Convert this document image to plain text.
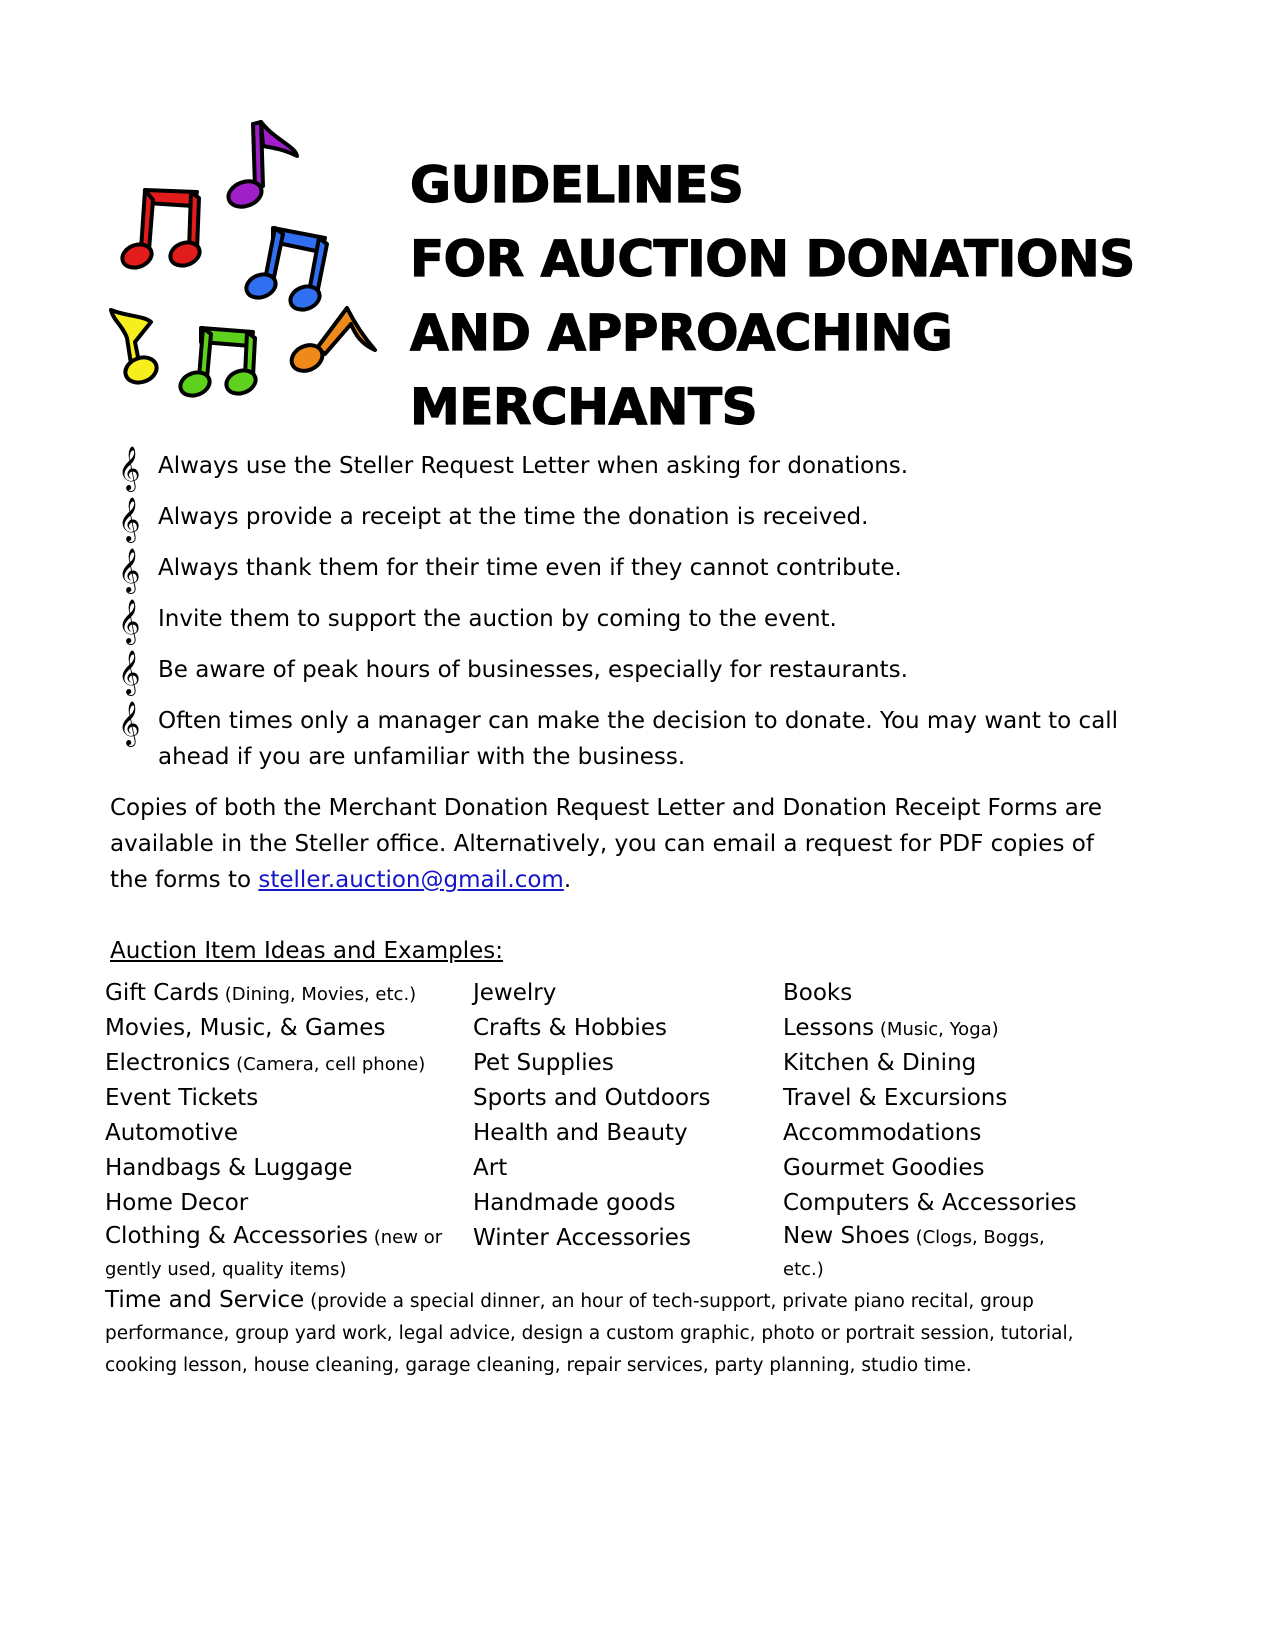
GUIDELINES
FOR AUCTION DONATIONS
AND APPROACHING
MERCHANTS
𝄞 Always use the Steller Request Letter when asking for donations.
𝄞 Always provide a receipt at the time the donation is received.
𝄞 Always thank them for their time even if they cannot contribute.
𝄞 Invite them to support the auction by coming to the event.
𝄞 Be aware of peak hours of businesses, especially for restaurants.
𝄞 Often times only a manager can make the decision to donate. You may want to call ahead if you are unfamiliar with the business.

Copies of both the Merchant Donation Request Letter and Donation Receipt Forms are available in the Steller office. Alternatively, you can email a request for PDF copies of the forms to steller.auction@gmail.com.

Auction Item Ideas and Examples:
Gift Cards (Dining, Movies, etc.)
Movies, Music, & Games
Electronics (Camera, cell phone)
Event Tickets
Automotive
Handbags & Luggage
Home Decor
Clothing & Accessories (new or gently used, quality items)
Jewelry
Crafts & Hobbies
Pet Supplies
Sports and Outdoors
Health and Beauty
Art
Handmade goods
Winter Accessories
Books
Lessons (Music, Yoga)
Kitchen & Dining
Travel & Excursions
Accommodations
Gourmet Goodies
Computers & Accessories
New Shoes (Clogs, Boggs, etc.)

Time and Service (provide a special dinner, an hour of tech-support, private piano recital, group performance, group yard work, legal advice, design a custom graphic, photo or portrait session, tutorial, cooking lesson, house cleaning, garage cleaning, repair services, party planning, studio time.
